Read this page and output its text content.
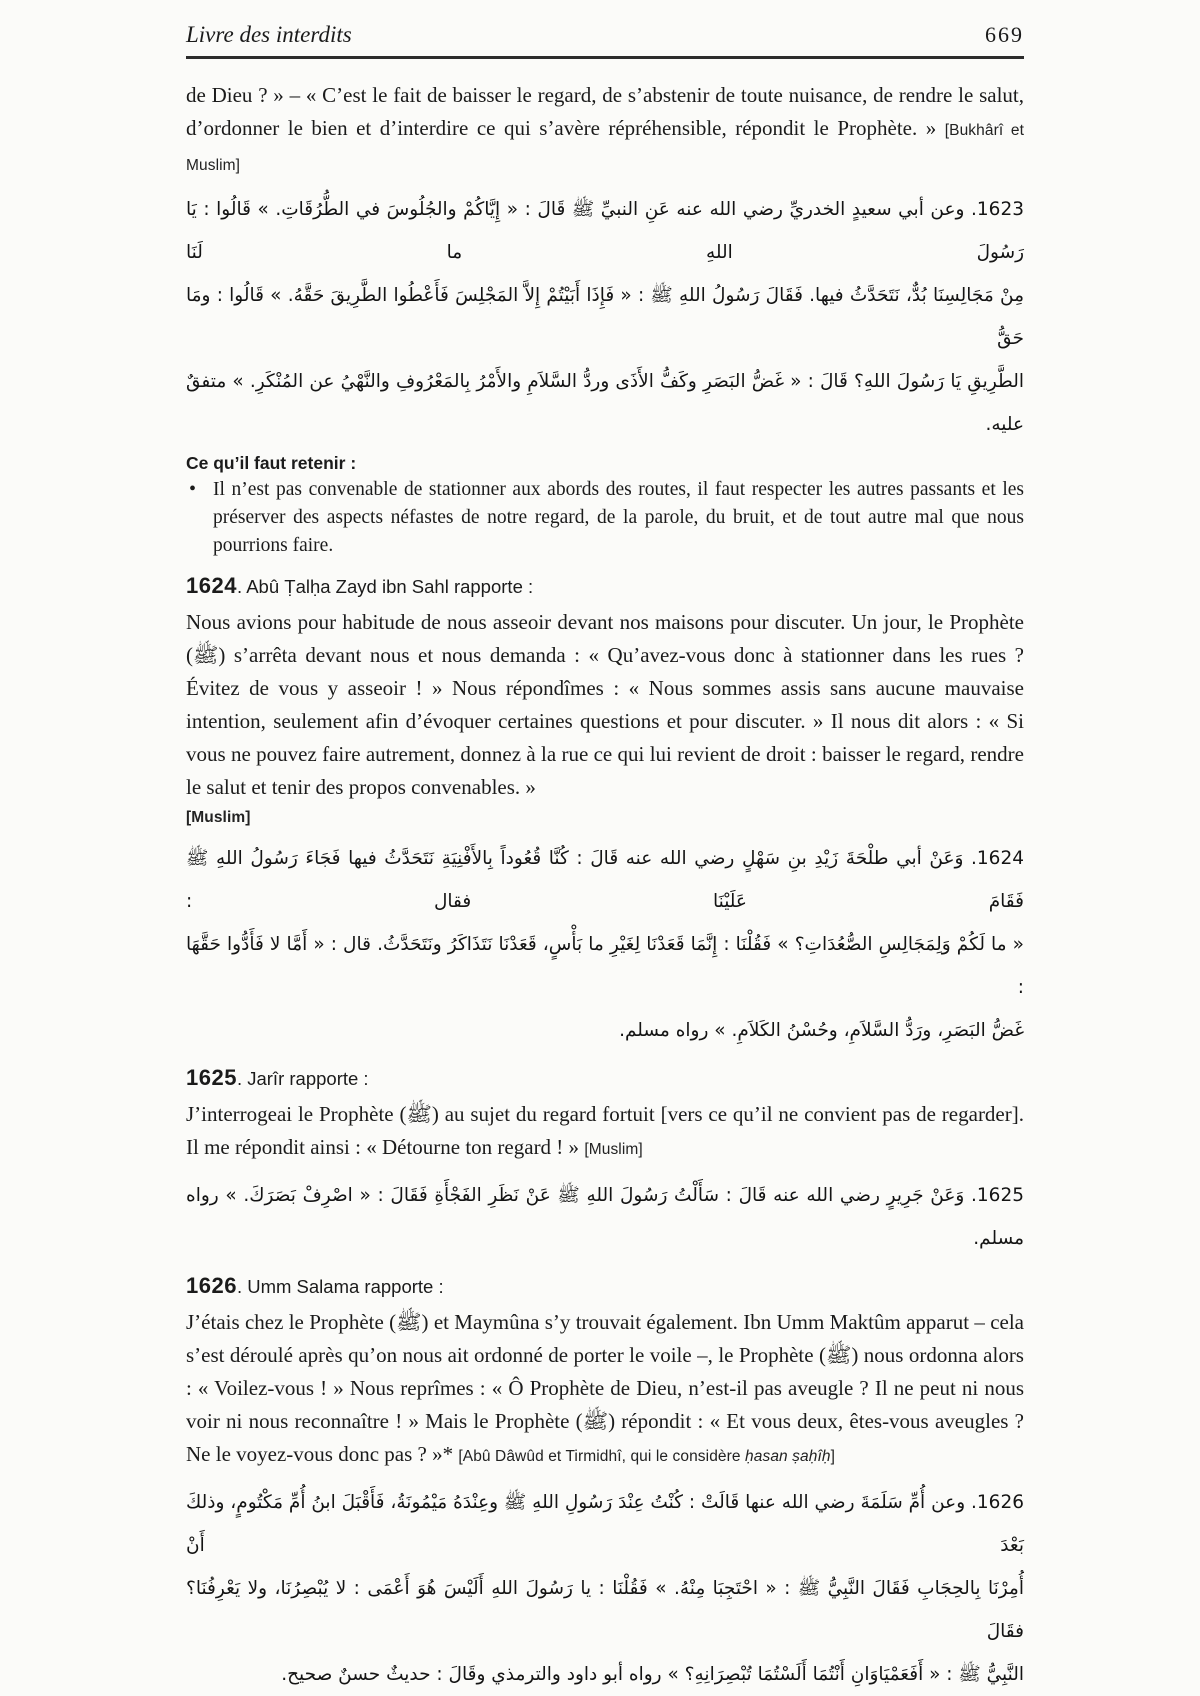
Livre des interdits	669

de Dieu ? » – « C’est le fait de baisser le regard, de s’abstenir de toute nuisance, de rendre le salut, d’ordonner le bien et d’interdire ce qui s’avère répréhensible, répondit le Prophète. » [Bukhârî et Muslim]

1623. وعن أبي سعيدٍ الخدريِّ رضي الله عنه عَنِ النبيِّ ﷺ قَالَ : « إِيَّاكُمْ والجُلُوسَ في الطُّرُقَاتِ. » قَالُوا : يَا رَسُولَ اللهِ ما لَنَا
مِنْ مَجَالِسِنَا بُدٌّ، نَتَحَدَّثُ فيها. فَقَالَ رَسُولُ اللهِ ﷺ : « فَإِذَا أَبَيْتُمْ إِلاَّ المَجْلِسَ فَأَعْطُوا الطَّرِيقَ حَقَّهُ. » قَالُوا : ومَا حَقُّ
الطَّرِيقِ يَا رَسُولَ اللهِ؟ قَالَ : « غَضُّ البَصَرِ وكَفُّ الأَذَى وردُّ السَّلاَمِ والأَمْرُ بِالمَعْرُوفِ والنَّهْيُ عن المُنْكَرِ. » متفقٌ عليه.
Ce qu’il faut retenir :
• Il n’est pas convenable de stationner aux abords des routes, il faut respecter les autres passants et les préserver des aspects néfastes de notre regard, de la parole, du bruit, et de tout autre mal que nous pourrions faire.
1624. Abû Ṭalḥa Zayd ibn Sahl rapporte :

Nous avions pour habitude de nous asseoir devant nos maisons pour discuter. Un jour, le Prophète (ﷺ) s’arrêta devant nous et nous demanda : « Qu’avez-vous donc à stationner dans les rues ? Évitez de vous y asseoir ! » Nous répondîmes : « Nous sommes assis sans aucune mauvaise intention, seulement afin d’évoquer certaines questions et pour discuter. » Il nous dit alors : « Si vous ne pouvez faire autrement, donnez à la rue ce qui lui revient de droit : baisser le regard, rendre le salut et tenir des propos convenables. »

[Muslim]
1624. وَعَنْ أبي طلْحَةَ زَيْدِ بنِ سَهْلٍ رضي الله عنه قَالَ : كُنَّا قُعُوداً بِالأَفْنِيَةِ نَتَحَدَّثُ فيها فَجَاءَ رَسُولُ اللهِ ﷺ فَقَامَ عَلَيْنَا فقال :
« ما لَكُمْ وَلِمَجَالِسِ الصُّعُدَاتِ؟ » فَقُلْنَا : إِنَّمَا قَعَدْنَا لِغَيْرِ ما بَأْسٍ، قَعَدْنَا نَتَذَاكَرُ ونَتَحَدَّثُ. قال : « أَمَّا لا فَأَدُّوا حَقَّهَا :
غَضُّ البَصَرِ، ورَدُّ السَّلاَمِ، وحُسْنُ الكَلاَمِ. » رواه مسلم.
1625. Jarîr rapporte :

J’interrogeai le Prophète (ﷺ) au sujet du regard fortuit [vers ce qu’il ne convient pas de regarder]. Il me répondit ainsi : « Détourne ton regard ! » [Muslim]

1625. وَعَنْ جَرِيرٍ رضي الله عنه قَالَ : سَأَلْتُ رَسُولَ اللهِ ﷺ عَنْ نَظَرِ الفَجْأَةِ فَقَالَ : « اصْرِفْ بَصَرَكَ. » رواه مسلم.
1626. Umm Salama rapporte :

J’étais chez le Prophète (ﷺ) et Maymûna s’y trouvait également. Ibn Umm Maktûm apparut – cela s’est déroulé après qu’on nous ait ordonné de porter le voile –, le Prophète (ﷺ) nous ordonna alors : « Voilez-vous ! » Nous reprîmes : « Ô Prophète de Dieu, n’est-il pas aveugle ? Il ne peut ni nous voir ni nous reconnaître ! » Mais le Prophète (ﷺ) répondit : « Et vous deux, êtes-vous aveugles ? Ne le voyez-vous donc pas ? »* [Abû Dâwûd et Tirmidhî, qui le considère ḥasan ṣaḥîḥ]

1626. وعن أُمِّ سَلَمَةَ رضي الله عنها قَالَتْ : كُنْتُ عِنْدَ رَسُولِ اللهِ ﷺ وعِنْدَهُ مَيْمُونَةُ، فَأَقْبَلَ ابنُ أُمِّ مَكْتُومٍ، وذلكَ بَعْدَ أَنْ
أُمِرْنَا بِالحِجَابِ فَقَالَ النَّبِيُّ ﷺ : « احْتَجِبَا مِنْهُ. » فَقُلْنَا : يا رَسُولَ اللهِ أَلَيْسَ هُوَ أَعْمَى : لا يُبْصِرُنَا، ولا يَعْرِفُنَا؟ فقَالَ
النَّبِيُّ ﷺ : « أَفَعَمْيَاوَانِ أَنْتُمَا أَلَسْتُمَا تُبْصِرَانِهِ؟ » رواه أبو داود والترمذي وقَالَ : حديثٌ حسنٌ صحيح.
